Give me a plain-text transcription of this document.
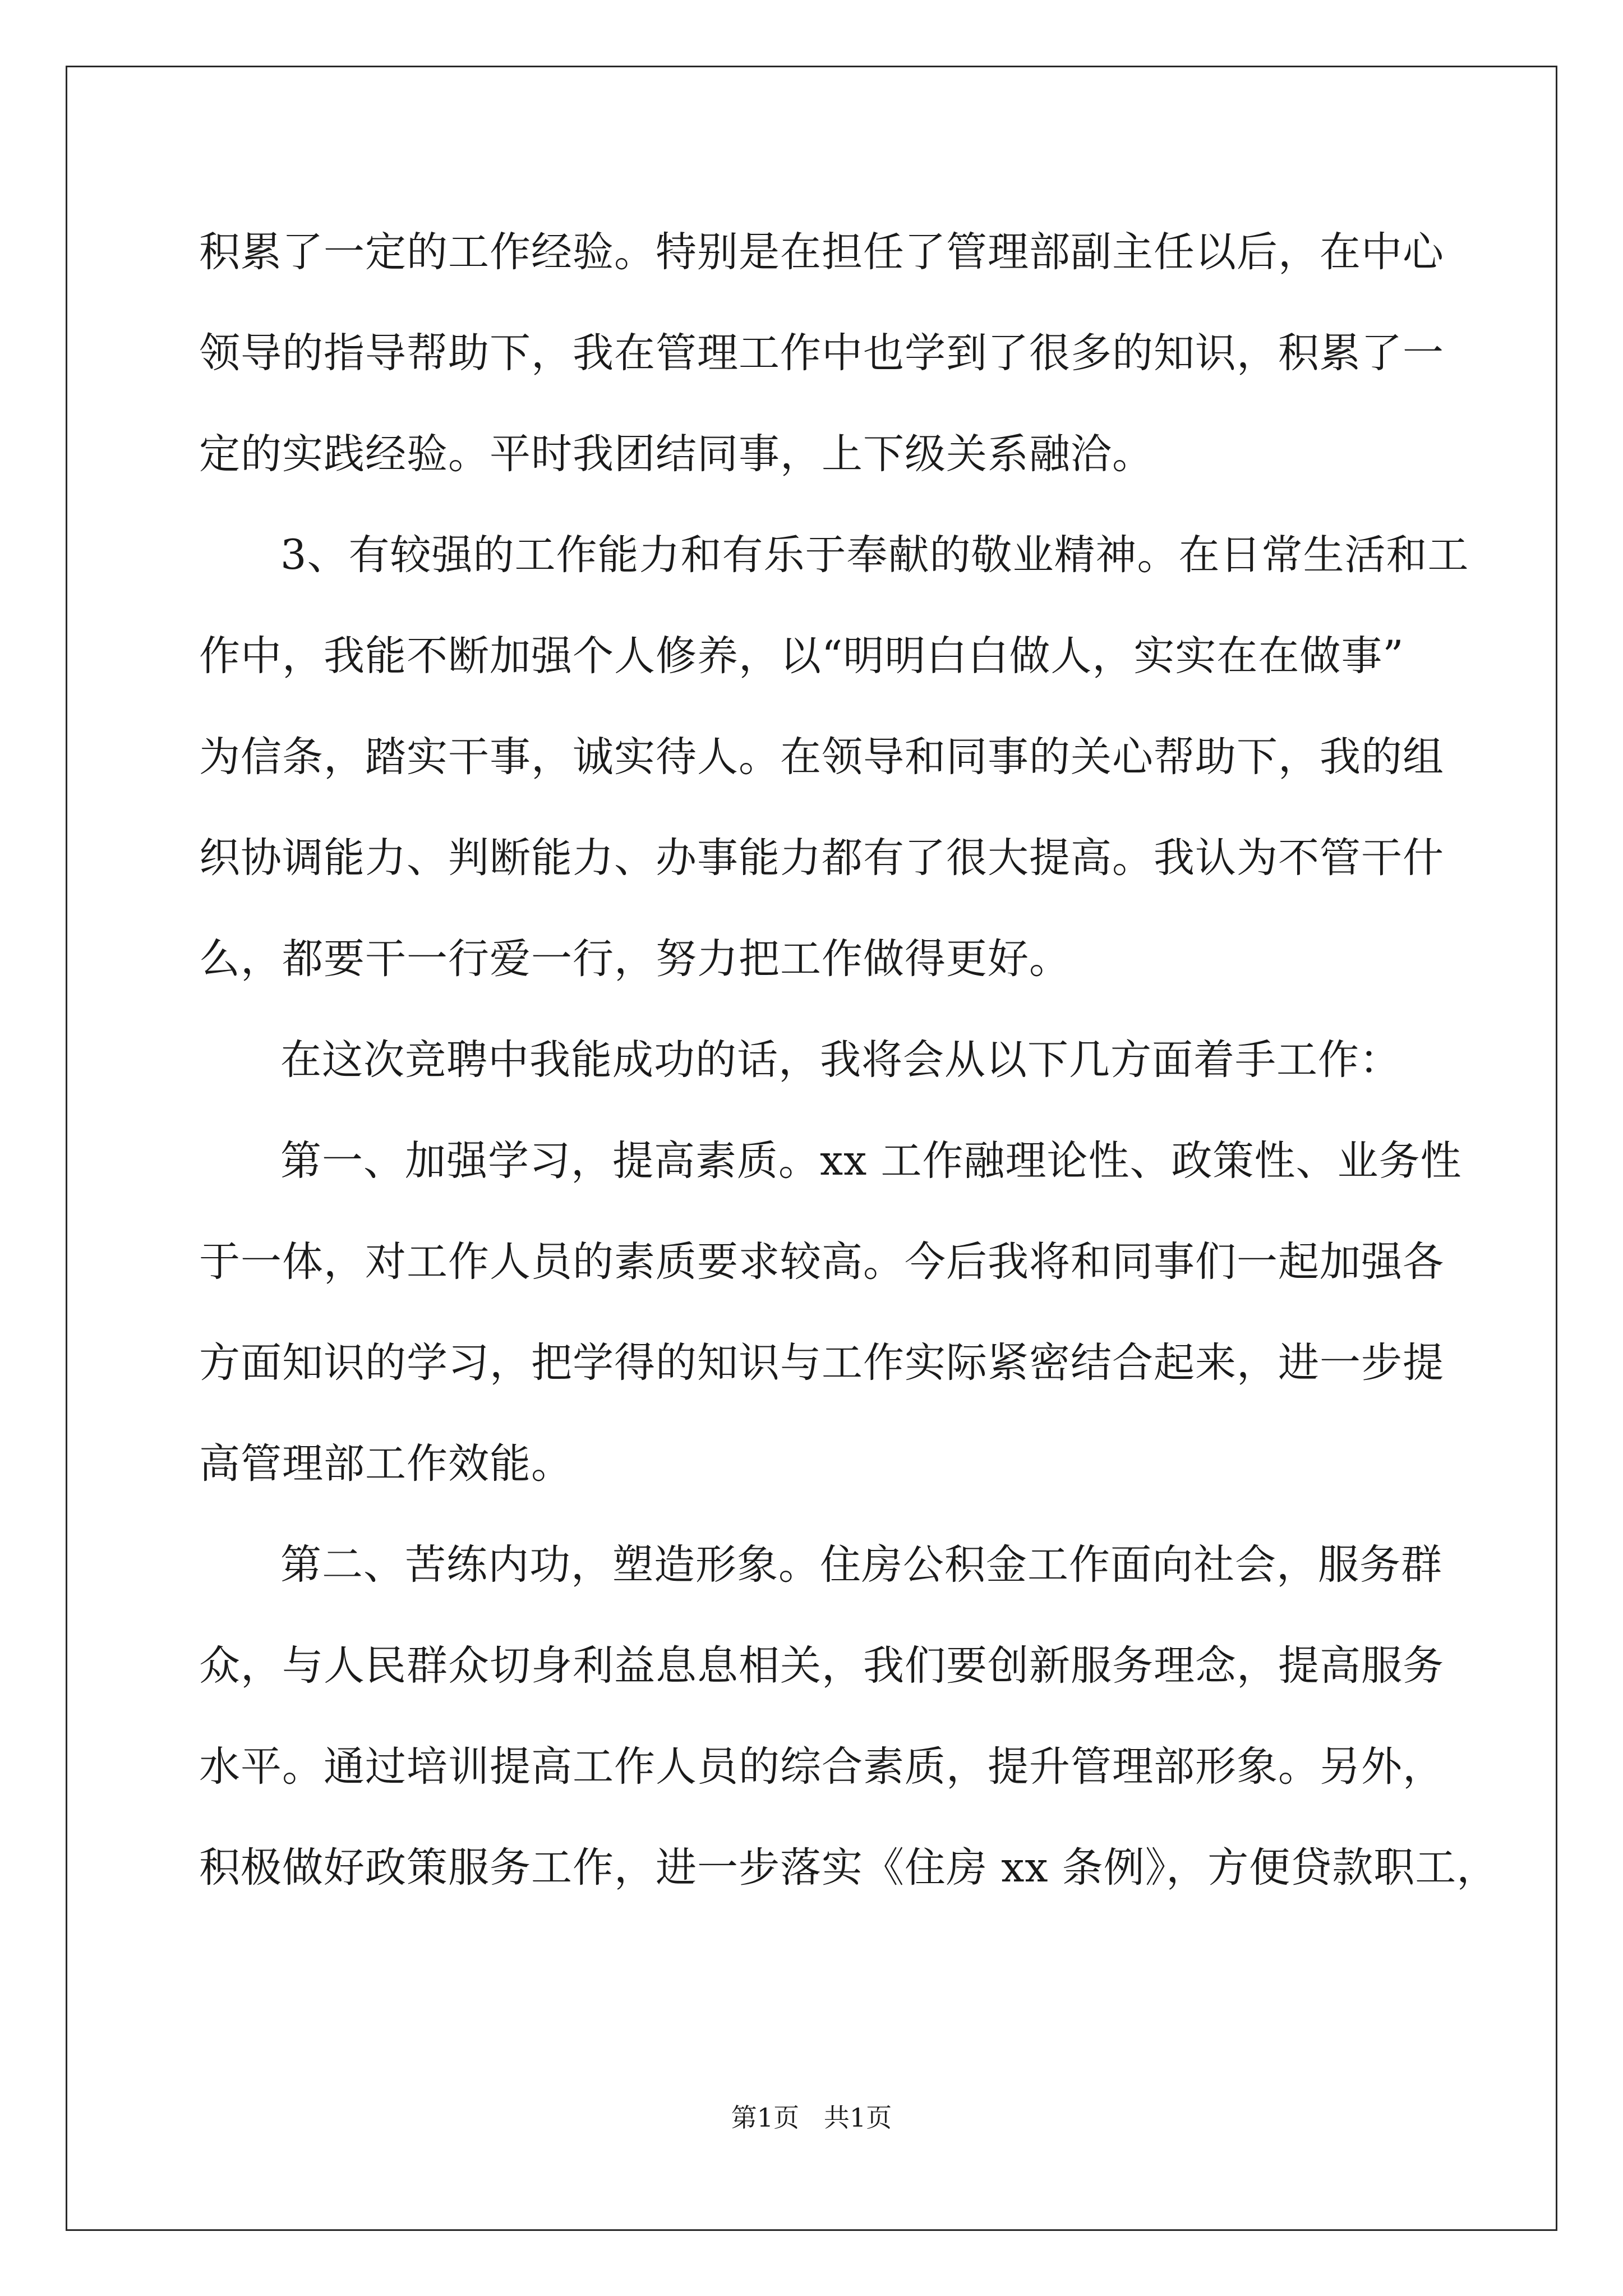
积累了一定的工作经验。特别是在担任了管理部副主任以后，在中心
领导的指导帮助下，我在管理工作中也学到了很多的知识，积累了一
定的实践经验。平时我团结同事，上下级关系融洽。
3、有较强的工作能力和有乐于奉献的敬业精神。在日常生活和工
作中，我能不断加强个人修养，以“明明白白做人，实实在在做事”
为信条，踏实干事，诚实待人。在领导和同事的关心帮助下，我的组
织协调能力、判断能力、办事能力都有了很大提高。我认为不管干什
么，都要干一行爱一行，努力把工作做得更好。
在这次竞聘中我能成功的话，我将会从以下几方面着手工作：
第一、加强学习，提高素质。xx 工作融理论性、政策性、业务性
于一体，对工作人员的素质要求较高。今后我将和同事们一起加强各
方面知识的学习，把学得的知识与工作实际紧密结合起来，进一步提
高管理部工作效能。
第二、苦练内功，塑造形象。住房公积金工作面向社会，服务群
众，与人民群众切身利益息息相关，我们要创新服务理念，提高服务
水平。通过培训提高工作人员的综合素质，提升管理部形象。另外，
积极做好政策服务工作，进一步落实《住房 xx 条例》，方便贷款职工，
第1页   共1页
